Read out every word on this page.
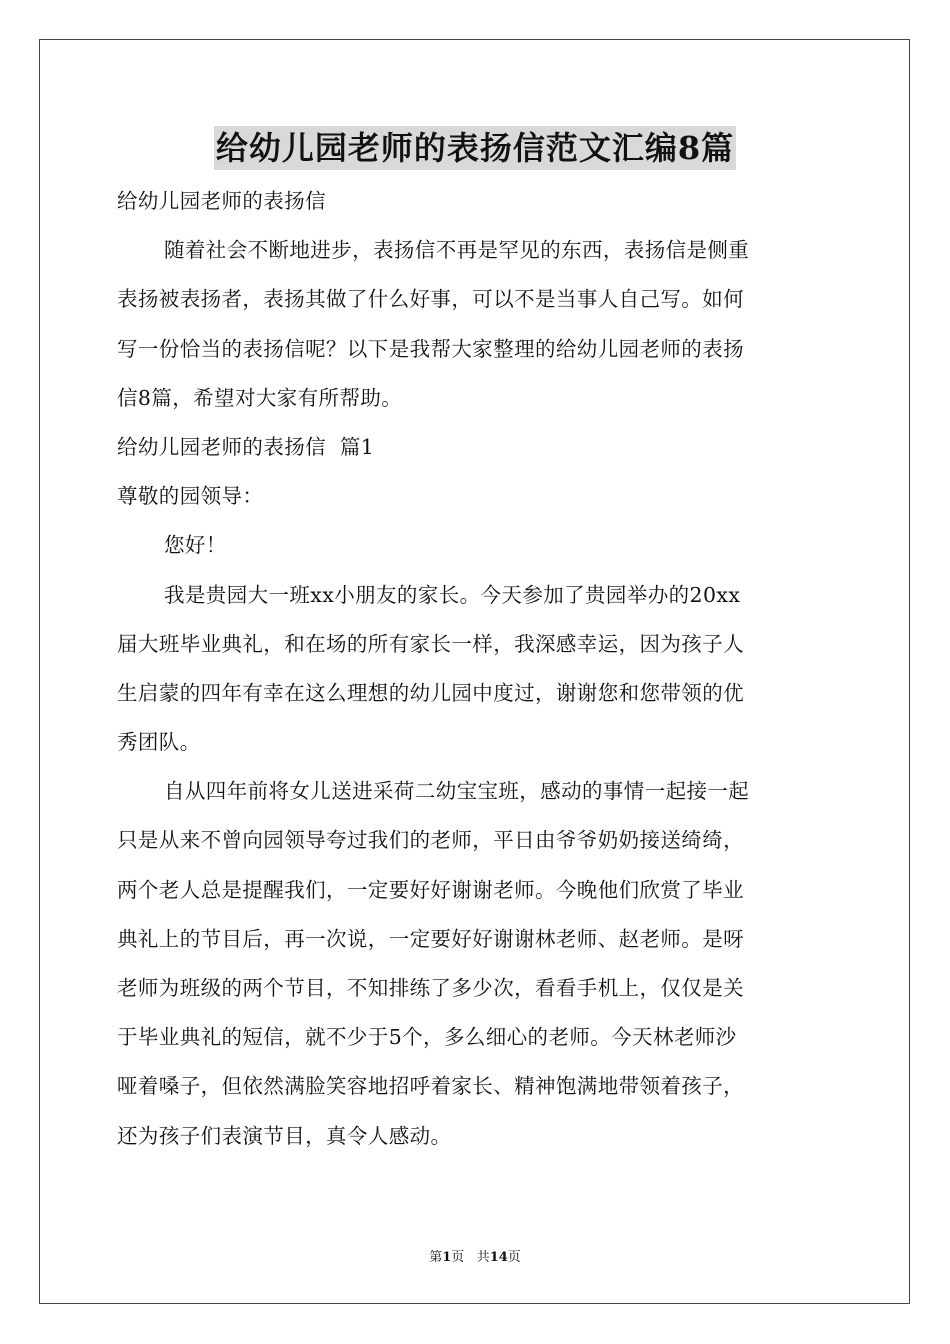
给幼儿园老师的表扬信范文汇编8篇

给幼儿园老师的表扬信

随着社会不断地进步，表扬信不再是罕见的东西，表扬信是侧重

表扬被表扬者，表扬其做了什么好事，可以不是当事人自己写。如何

写一份恰当的表扬信呢？以下是我帮大家整理的给幼儿园老师的表扬

信8篇，希望对大家有所帮助。

给幼儿园老师的表扬信  篇1

尊敬的园领导：

您好！

我是贵园大一班xx小朋友的家长。今天参加了贵园举办的20xx

届大班毕业典礼，和在场的所有家长一样，我深感幸运，因为孩子人

生启蒙的四年有幸在这么理想的幼儿园中度过，谢谢您和您带领的优

秀团队。

自从四年前将女儿送进采荷二幼宝宝班，感动的事情一起接一起

只是从来不曾向园领导夸过我们的老师，平日由爷爷奶奶接送绮绮，

两个老人总是提醒我们，一定要好好谢谢老师。今晚他们欣赏了毕业

典礼上的节目后，再一次说，一定要好好谢谢林老师、赵老师。是呀

老师为班级的两个节目，不知排练了多少次，看看手机上，仅仅是关

于毕业典礼的短信，就不少于5个，多么细心的老师。今天林老师沙

哑着嗓子，但依然满脸笑容地招呼着家长、精神饱满地带领着孩子，

还为孩子们表演节目，真令人感动。

第1页 共14页
